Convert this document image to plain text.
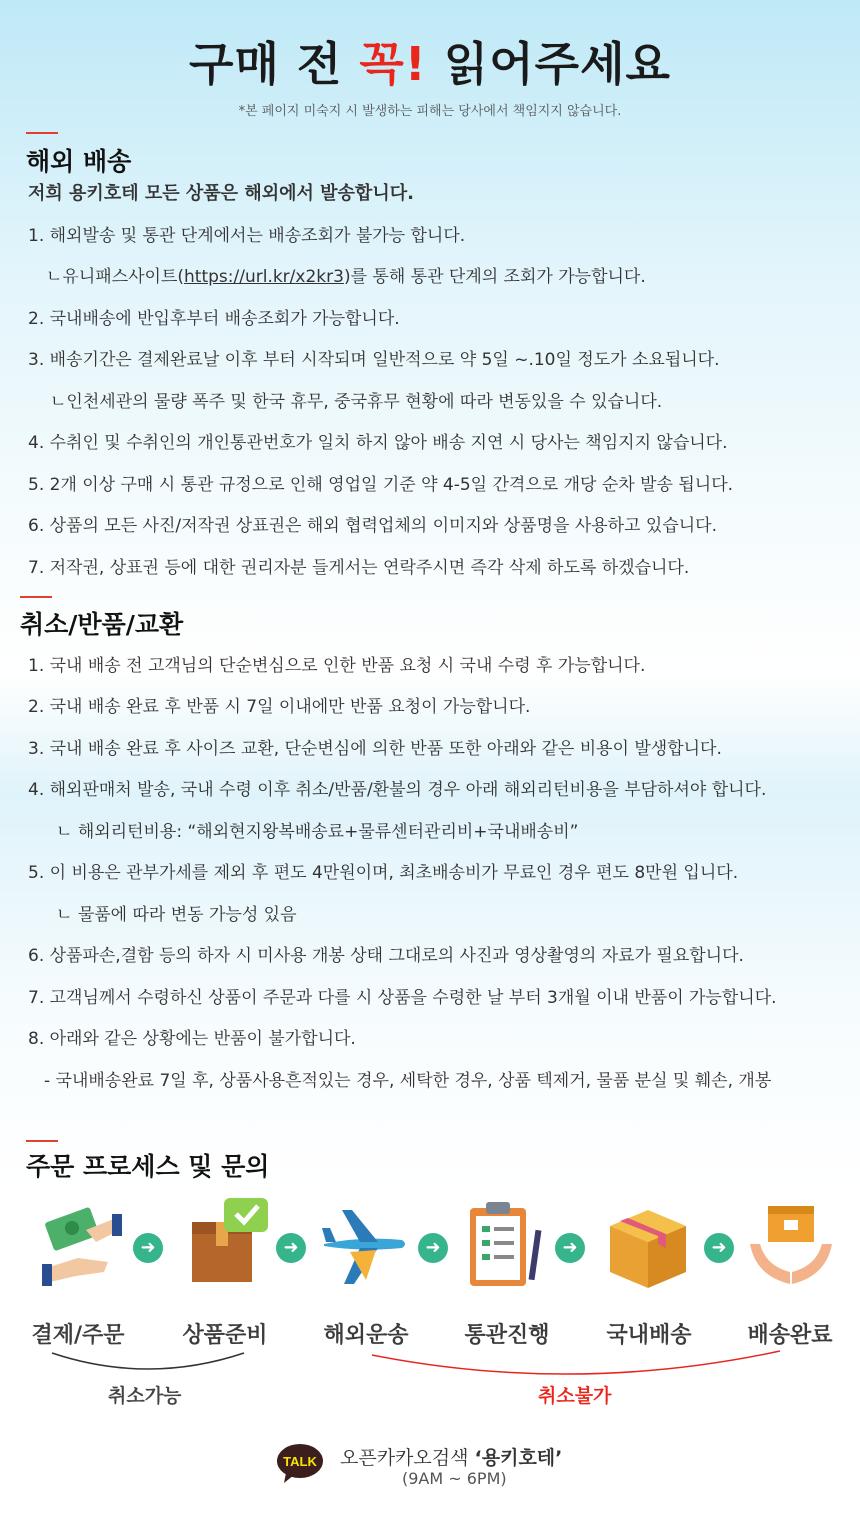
구매 전 꼭! 읽어주세요
*본 페이지 미숙지 시 발생하는 피해는 당사에서 책임지지 않습니다.
해외 배송
저희 용키호테 모든 상품은 해외에서 발송합니다.
1. 해외발송 및 통관 단계에서는 배송조회가 불가능 합니다.
ㄴ유니패스사이트(https://url.kr/x2kr3)를 통해 통관 단계의 조회가 가능합니다.
2. 국내배송에 반입후부터 배송조회가 가능합니다.
3. 배송기간은 결제완료날 이후 부터 시작되며 일반적으로 약 5일 ~.10일 정도가 소요됩니다.
ㄴ인천세관의 물량 폭주 및 한국 휴무, 중국휴무 현황에 따라 변동있을 수 있습니다.
4. 수취인 및 수취인의 개인통관번호가 일치 하지 않아 배송 지연 시 당사는 책임지지 않습니다.
5. 2개 이상 구매 시 통관 규정으로 인해 영업일 기준 약 4-5일 간격으로 개당 순차 발송 됩니다.
6. 상품의 모든 사진/저작권 상표권은 해외 협력업체의 이미지와 상품명을 사용하고 있습니다.
7. 저작권, 상표권 등에 대한 권리자분 들게서는 연락주시면 즉각 삭제 하도록 하겠습니다.
취소/반품/교환
1. 국내 배송 전 고객님의 단순변심으로 인한 반품 요청 시 국내 수령 후 가능합니다.
2. 국내 배송 완료 후 반품 시 7일 이내에만 반품 요청이 가능합니다.
3. 국내 배송 완료 후 사이즈 교환, 단순변심에 의한 반품 또한 아래와 같은 비용이 발생합니다.
4. 해외판매처 발송, 국내 수령 이후 취소/반품/환불의 경우 아래 해외리턴비용을 부담하셔야 합니다.
ㄴ 해외리턴비용: “해외현지왕복배송료+물류센터관리비+국내배송비”
5. 이 비용은 관부가세를 제외 후 편도 4만원이며, 최초배송비가 무료인 경우 편도 8만원 입니다.
ㄴ 물품에 따라 변동 가능성 있음
6. 상품파손,결함 등의 하자 시 미사용 개봉 상태 그대로의 사진과 영상촬영의 자료가 필요합니다.
7. 고객님께서 수령하신 상품이 주문과 다를 시 상품을 수령한 날 부터 3개월 이내 반품이 가능합니다.
8. 아래와 같은 상황에는 반품이 불가합니다.
- 국내배송완료 7일 후, 상품사용흔적있는 경우, 세탁한 경우, 상품 텍제거, 물품 분실 및 훼손, 개봉
주문 프로세스 및 문의
➜	➜	➜	➜	➜
결제/주문	상품준비	해외운송	통관진행	국내배송	배송완료
취소가능	취소불가
TALK 오픈카카오검색 ‘용키호테’
(9AM ~ 6PM)
